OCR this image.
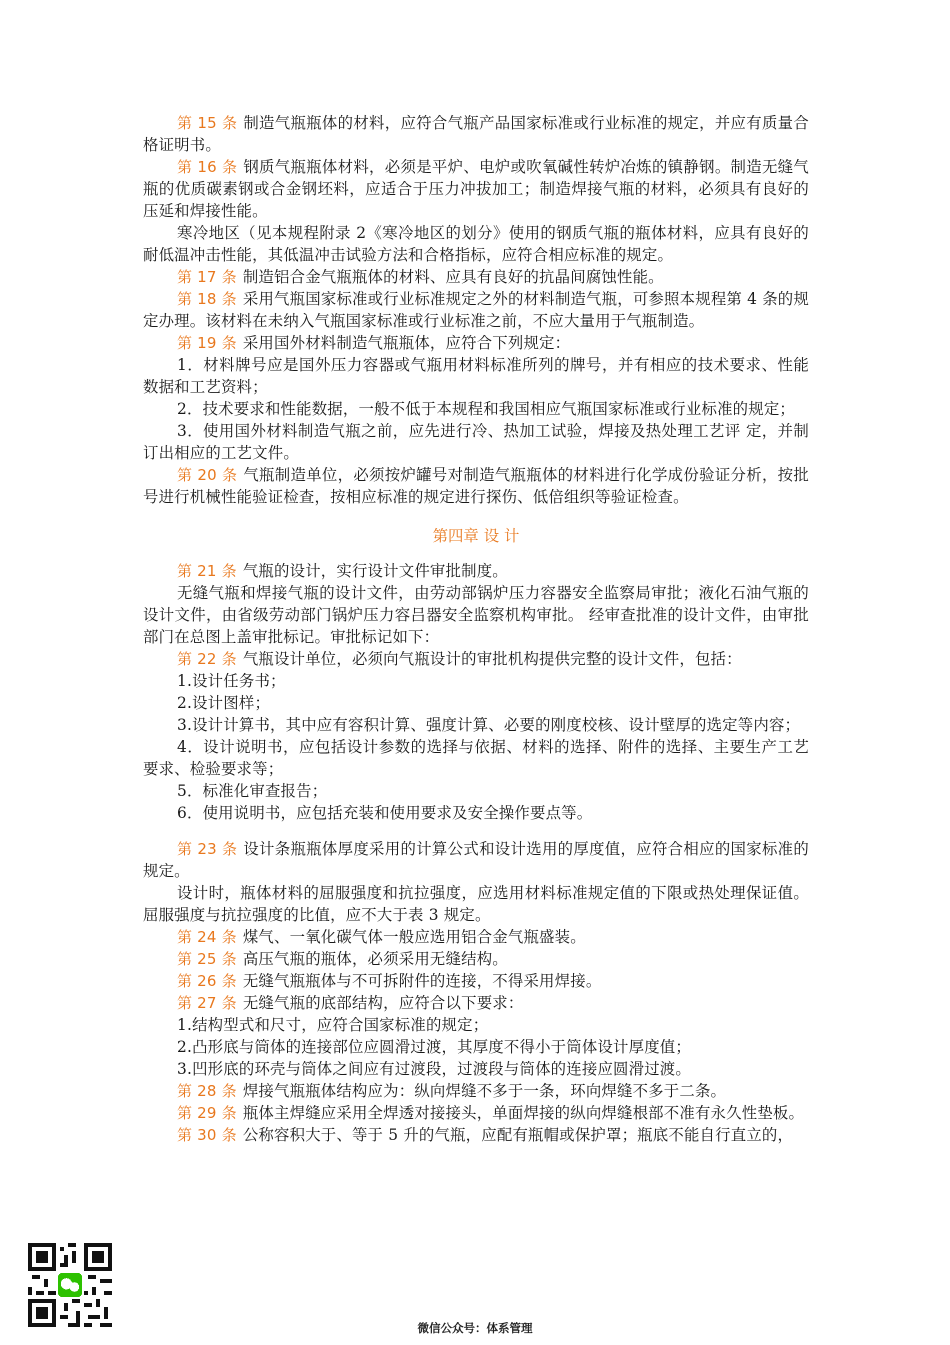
第 15 条 制造气瓶瓶体的材料，应符合气瓶产品国家标准或行业标准的规定，并应有质量合格证明书。

第 16 条 钢质气瓶瓶体材料，必须是平炉、电炉或吹氧碱性转炉冶炼的镇静钢。制造无缝气瓶的优质碳素钢或合金钢坯料，应适合于压力冲拔加工；制造焊接气瓶的材料，必须具有良好的压延和焊接性能。

寒冷地区（见本规程附录 2《寒冷地区的划分》使用的钢质气瓶的瓶体材料，应具有良好的耐低温冲击性能，其低温冲击试验方法和合格指标，应符合相应标准的规定。

第 17 条 制造铝合金气瓶瓶体的材料、应具有良好的抗晶间腐蚀性能。

第 18 条 采用气瓶国家标准或行业标准规定之外的材料制造气瓶，可参照本规程第 4 条的规定办理。该材料在未纳入气瓶国家标准或行业标准之前，不应大量用于气瓶制造。

第 19 条 采用国外材料制造气瓶瓶体，应符合下列规定：

1．材料牌号应是国外压力容器或气瓶用材料标准所列的牌号，并有相应的技术要求、性能数据和工艺资料；

2．技术要求和性能数据，一般不低于本规程和我国相应气瓶国家标准或行业标准的规定；

3．使用国外材料制造气瓶之前，应先进行冷、热加工试验，焊接及热处理工艺评 定，并制订出相应的工艺文件。

第 20 条 气瓶制造单位，必须按炉罐号对制造气瓶瓶体的材料进行化学成份验证分析，按批号进行机械性能验证检查，按相应标准的规定进行探伤、低倍组织等验证检查。

第四章 设 计

第 21 条 气瓶的设计，实行设计文件审批制度。

无缝气瓶和焊接气瓶的设计文件，由劳动部锅炉压力容器安全监察局审批；液化石油气瓶的设计文件，由省级劳动部门锅炉压力容吕器安全监察机构审批。 经审查批准的设计文件，由审批部门在总图上盖审批标记。审批标记如下：

第 22 条 气瓶设计单位，必须向气瓶设计的审批机构提供完整的设计文件，包括：

1.设计任务书；

2.设计图样；

3.设计计算书，其中应有容积计算、强度计算、必要的刚度校核、设计壁厚的选定等内容；

4．设计说明书，应包括设计参数的选择与依据、材料的选择、附件的选择、主要生产工艺要求、检验要求等；

5．标准化审查报告；

6．使用说明书，应包括充装和使用要求及安全操作要点等。

第 23 条 设计条瓶瓶体厚度采用的计算公式和设计选用的厚度值，应符合相应的国家标准的规定。

设计时，瓶体材料的屈服强度和抗拉强度，应选用材料标准规定值的下限或热处理保证值。屈服强度与抗拉强度的比值，应不大于表 3 规定。

第 24 条 煤气、一氧化碳气体一般应选用铝合金气瓶盛装。

第 25 条 高压气瓶的瓶体，必须采用无缝结构。

第 26 条 无缝气瓶瓶体与不可拆附件的连接，不得采用焊接。

第 27 条 无缝气瓶的底部结构，应符合以下要求：

1.结构型式和尺寸，应符合国家标准的规定；

2.凸形底与筒体的连接部位应圆滑过渡，其厚度不得小于筒体设计厚度值；

3.凹形底的环壳与筒体之间应有过渡段，过渡段与筒体的连接应圆滑过渡。

第 28 条 焊接气瓶瓶体结构应为：纵向焊缝不多于一条，环向焊缝不多于二条。

第 29 条 瓶体主焊缝应采用全焊透对接接头，单面焊接的纵向焊缝根部不准有永久性垫板。

第 30 条 公称容积大于、等于 5 升的气瓶，应配有瓶帽或保护罩；瓶底不能自行直立的，

微信公众号：体系管理
